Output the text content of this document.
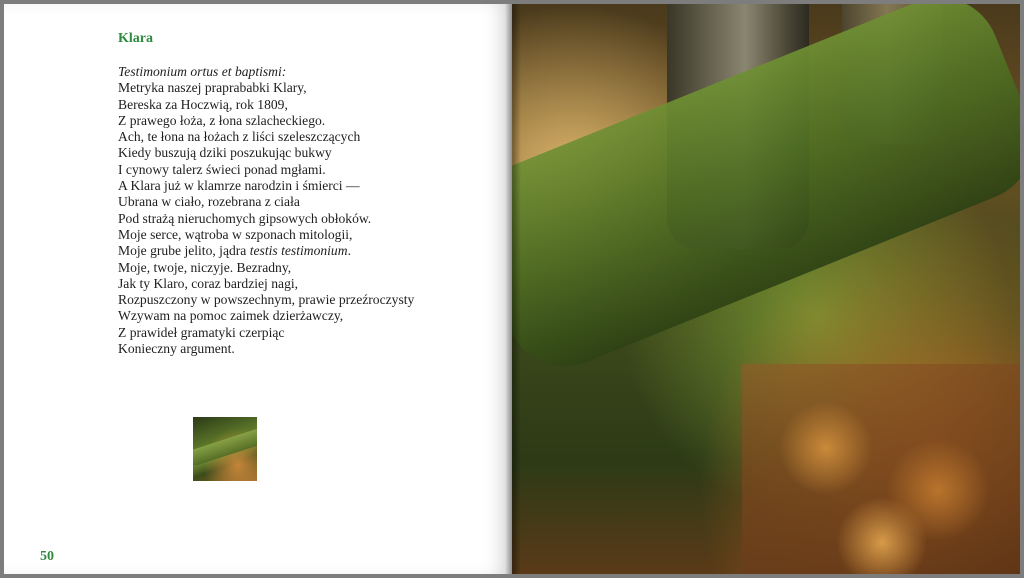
Klara
Testimonium ortus et baptismi:
Metryka naszej praprababki Klary,
Bereska za Hoczwią, rok 1809,
Z prawego łoża, z łona szlacheckiego.
Ach, te łona na łożach z liści szeleszczących
Kiedy buszują dziki poszukując bukwy
I cynowy talerz świeci ponad mgłami.
A Klara już w klamrze narodzin i śmierci —
Ubrana w ciało, rozebrana z ciała
Pod strażą nieruchomych gipsowych obłoków.
Moje serce, wątroba w szponach mitologii,
Moje grube jelito, jądra testis testimonium.
Moje, twoje, niczyje. Bezradny,
Jak ty Klaro, coraz bardziej nagi,
Rozpuszczony w powszechnym, prawie przeźroczysty
Wzywam na pomoc zaimek dzierżawczy,
Z prawideł gramatyki czerpiąc
Konieczny argument.
50
